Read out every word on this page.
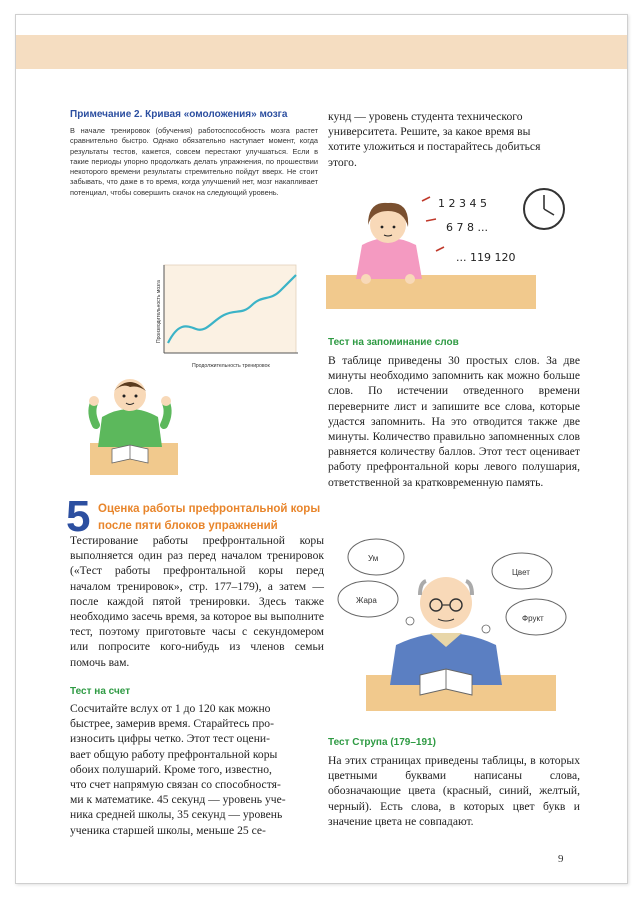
Примечание 2. Кривая «омоложения» мозга
В начале тренировок (обучения) работоспособность мозга растет сравнительно быстро. Однако обязательно наступает момент, когда результаты тестов, кажется, совсем перестают улучшаться. Если в такие периоды упорно продолжать делать упражнения, по прошествии некоторого времени результаты стремительно пойдут вверх. Не стоит забывать, что даже в то время, когда улучшений нет, мозг накапливает потенциал, чтобы совершить скачок на следующий уровень.
Производительность мозга
Продолжительность тренировок
5 Оценка работы префронтальной коры после пяти блоков упражнений
Тестирование работы префронтальной коры выполняется один раз перед началом тренировок («Тест работы префронтальной коры перед началом тренировок», стр. 177–179), а затем — после каждой пятой тренировки. Здесь также необходимо засечь время, за которое вы выполните тест, поэтому приготовьте часы с секундомером или попросите кого-нибудь из членов семьи помочь вам.
Тест на счет
Сосчитайте вслух от 1 до 120 как можно
быстрее, замерив время. Старайтесь про-
износить цифры четко. Этот тест оцени-
вает общую работу префронтальной коры
обоих полушарий. Кроме того, известно,
что счет напрямую связан со способностя-
ми к математике. 45 секунд — уровень уче-
ника средней школы, 35 секунд — уровень
ученика старшей школы, меньше 25 се-
кунд — уровень студента технического
университета. Решите, за какое время вы
хотите уложиться и постарайтесь добиться
этого.
1 2 3 4 5
6 7 8 ...
... 119 120
Тест на запоминание слов
В таблице приведены 30 простых слов. За две минуты необходимо запомнить как можно больше слов. По истечении отведенного времени переверните лист и запишите все слова, которые удастся запомнить. На это отводится также две минуты. Количество правильно запомненных слов равняется количеству баллов. Этот тест оценивает работу префронтальной коры левого полушария, ответственной за кратковременную память.
Ум
Жара
Цвет
Фрукт
Тест Струпа (179–191)
На этих страницах приведены таблицы, в которых цветными буквами написаны слова, обозначающие цвета (красный, синий, желтый, черный). Есть слова, в которых цвет букв и значение цвета не совпадают.
9
